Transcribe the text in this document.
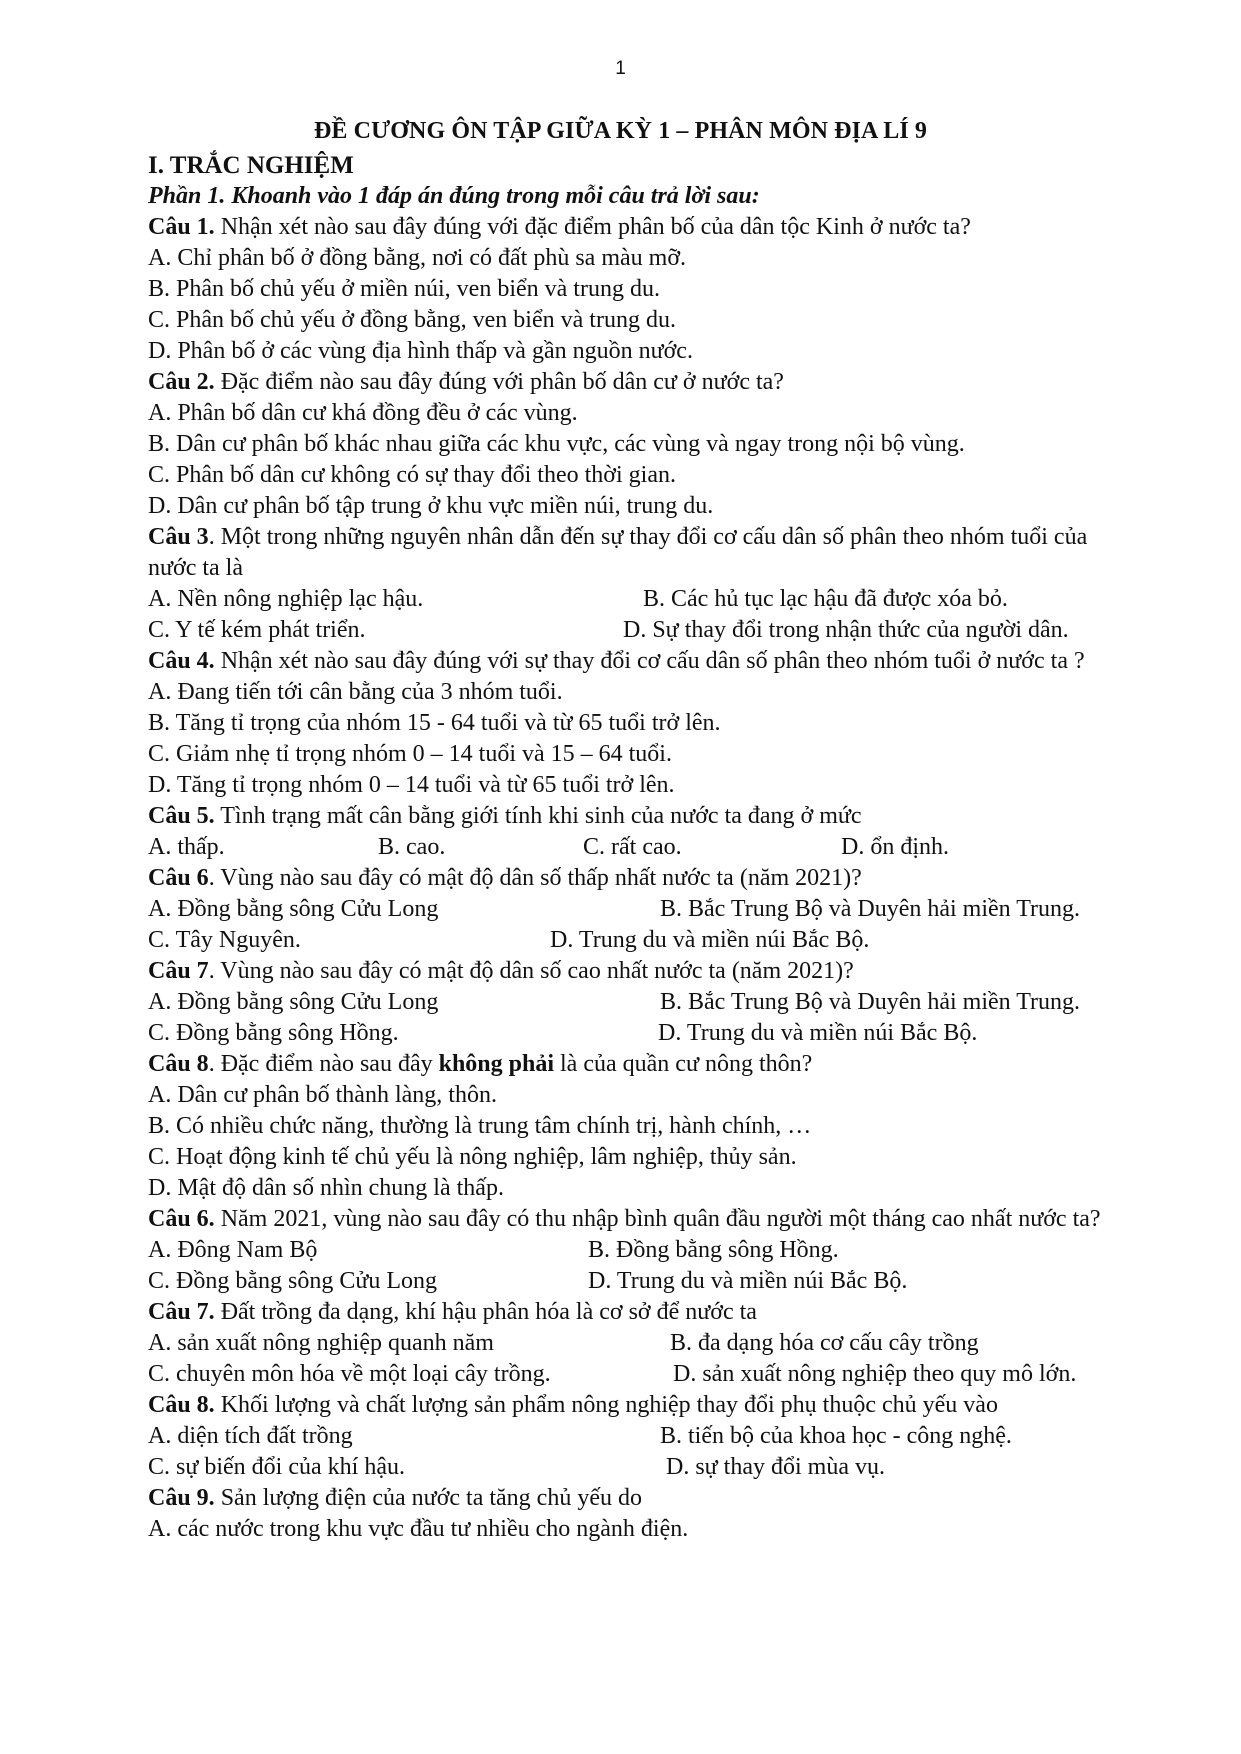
1
ĐỀ CƯƠNG ÔN TẬP GIỮA KỲ 1 – PHÂN MÔN ĐỊA LÍ 9

I. TRẮC NGHIỆM

Phần 1. Khoanh vào 1 đáp án đúng trong mỗi câu trả lời sau:

Câu 1. Nhận xét nào sau đây đúng với đặc điểm phân bố của dân tộc Kinh ở nước ta?

A. Chỉ phân bố ở đồng bằng, nơi có đất phù sa màu mỡ.

B. Phân bố chủ yếu ở miền núi, ven biển và trung du.

C. Phân bố chủ yếu ở đồng bằng, ven biển và trung du.

D. Phân bố ở các vùng địa hình thấp và gần nguồn nước.

Câu 2. Đặc điểm nào sau đây đúng với phân bố dân cư ở nước ta?

A. Phân bố dân cư khá đồng đều ở các vùng.

B. Dân cư phân bố khác nhau giữa các khu vực, các vùng và ngay trong nội bộ vùng.

C. Phân bố dân cư không có sự thay đổi theo thời gian.

D. Dân cư phân bố tập trung ở khu vực miền núi, trung du.

Câu 3. Một trong những nguyên nhân dẫn đến sự thay đổi cơ cấu dân số phân theo nhóm tuổi của nước ta là

A. Nền nông nghiệp lạc hậu.	B. Các hủ tục lạc hậu đã được xóa bỏ.
C. Y tế kém phát triển.	D. Sự thay đổi trong nhận thức của người dân.

Câu 4. Nhận xét nào sau đây đúng với sự thay đổi cơ cấu dân số phân theo nhóm tuổi ở nước ta ?

A. Đang tiến tới cân bằng của 3 nhóm tuổi.

B. Tăng tỉ trọng của nhóm 15 - 64 tuổi và từ 65 tuổi trở lên.

C. Giảm nhẹ tỉ trọng nhóm 0 – 14 tuổi và 15 – 64 tuổi.

D. Tăng tỉ trọng nhóm 0 – 14 tuổi và từ 65 tuổi trở lên.

Câu 5. Tình trạng mất cân bằng giới tính khi sinh của nước ta đang ở mức

A. thấp.	B. cao.	C. rất cao.	D. ổn định.

Câu 6. Vùng nào sau đây có mật độ dân số thấp nhất nước ta (năm 2021)?

A. Đồng bằng sông Cửu Long	B. Bắc Trung Bộ và Duyên hải miền Trung.
C. Tây Nguyên.	D. Trung du và miền núi Bắc Bộ.

Câu 7. Vùng nào sau đây có mật độ dân số cao nhất nước ta (năm 2021)?

A. Đồng bằng sông Cửu Long	B. Bắc Trung Bộ và Duyên hải miền Trung.
C. Đồng bằng sông Hồng.	D. Trung du và miền núi Bắc Bộ.

Câu 8. Đặc điểm nào sau đây không phải là của quần cư nông thôn?

A. Dân cư phân bố thành làng, thôn.

B. Có nhiều chức năng, thường là trung tâm chính trị, hành chính, …

C. Hoạt động kinh tế chủ yếu là nông nghiệp, lâm nghiệp, thủy sản.

D. Mật độ dân số nhìn chung là thấp.

Câu 6. Năm 2021, vùng nào sau đây có thu nhập bình quân đầu người một tháng cao nhất nước ta?

A. Đông Nam Bộ	B. Đồng bằng sông Hồng.
C. Đồng bằng sông Cửu Long	D. Trung du và miền núi Bắc Bộ.

Câu 7. Đất trồng đa dạng, khí hậu phân hóa là cơ sở để nước ta

A. sản xuất nông nghiệp quanh năm	B. đa dạng hóa cơ cấu cây trồng
C. chuyên môn hóa về một loại cây trồng.	D. sản xuất nông nghiệp theo quy mô lớn.

Câu 8. Khối lượng và chất lượng sản phẩm nông nghiệp thay đổi phụ thuộc chủ yếu vào

A. diện tích đất trồng	B. tiến bộ của khoa học - công nghệ.
C. sự biến đổi của khí hậu.	D. sự thay đổi mùa vụ.

Câu 9. Sản lượng điện của nước ta tăng chủ yếu do

A. các nước trong khu vực đầu tư nhiều cho ngành điện.
